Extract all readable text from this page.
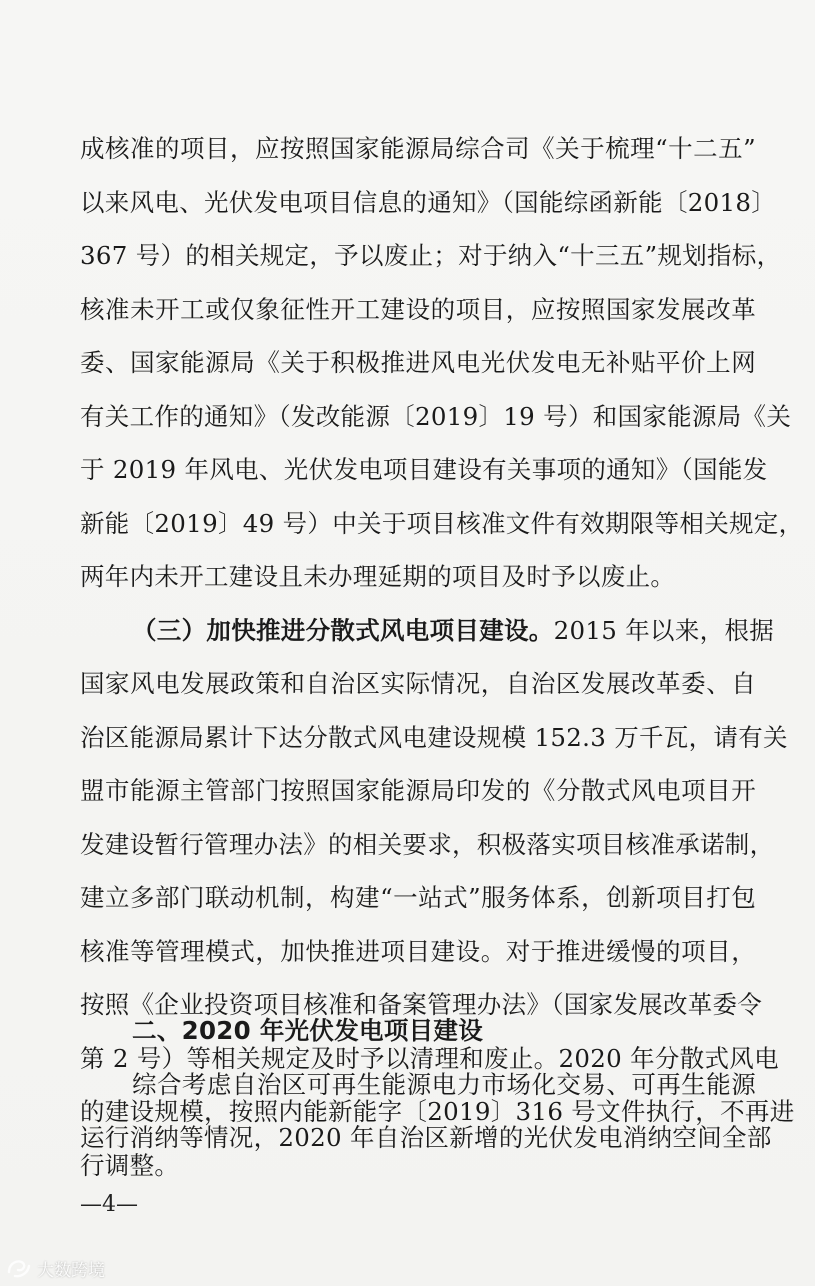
成核准的项目，应按照国家能源局综合司《关于梳理“十二五”
以来风电、光伏发电项目信息的通知》（国能综函新能〔2018〕
367 号）的相关规定，予以废止；对于纳入“十三五”规划指标，
核准未开工或仅象征性开工建设的项目，应按照国家发展改革
委、国家能源局《关于积极推进风电光伏发电无补贴平价上网
有关工作的通知》（发改能源〔2019〕19 号）和国家能源局《关
于 2019 年风电、光伏发电项目建设有关事项的通知》（国能发
新能〔2019〕49 号）中关于项目核准文件有效期限等相关规定，
两年内未开工建设且未办理延期的项目及时予以废止。
（三）加快推进分散式风电项目建设。2015 年以来，根据
国家风电发展政策和自治区实际情况，自治区发展改革委、自
治区能源局累计下达分散式风电建设规模 152.3 万千瓦，请有关
盟市能源主管部门按照国家能源局印发的《分散式风电项目开
发建设暂行管理办法》的相关要求，积极落实项目核准承诺制，
建立多部门联动机制，构建“一站式”服务体系，创新项目打包
核准等管理模式，加快推进项目建设。对于推进缓慢的项目，
按照《企业投资项目核准和备案管理办法》（国家发展改革委令
第 2 号）等相关规定及时予以清理和废止。2020 年分散式风电
的建设规模，按照内能新能字〔2019〕316 号文件执行，不再进
行调整。
二、2020 年光伏发电项目建设
综合考虑自治区可再生能源电力市场化交易、可再生能源
运行消纳等情况，2020 年自治区新增的光伏发电消纳空间全部
—4—
大数跨境
